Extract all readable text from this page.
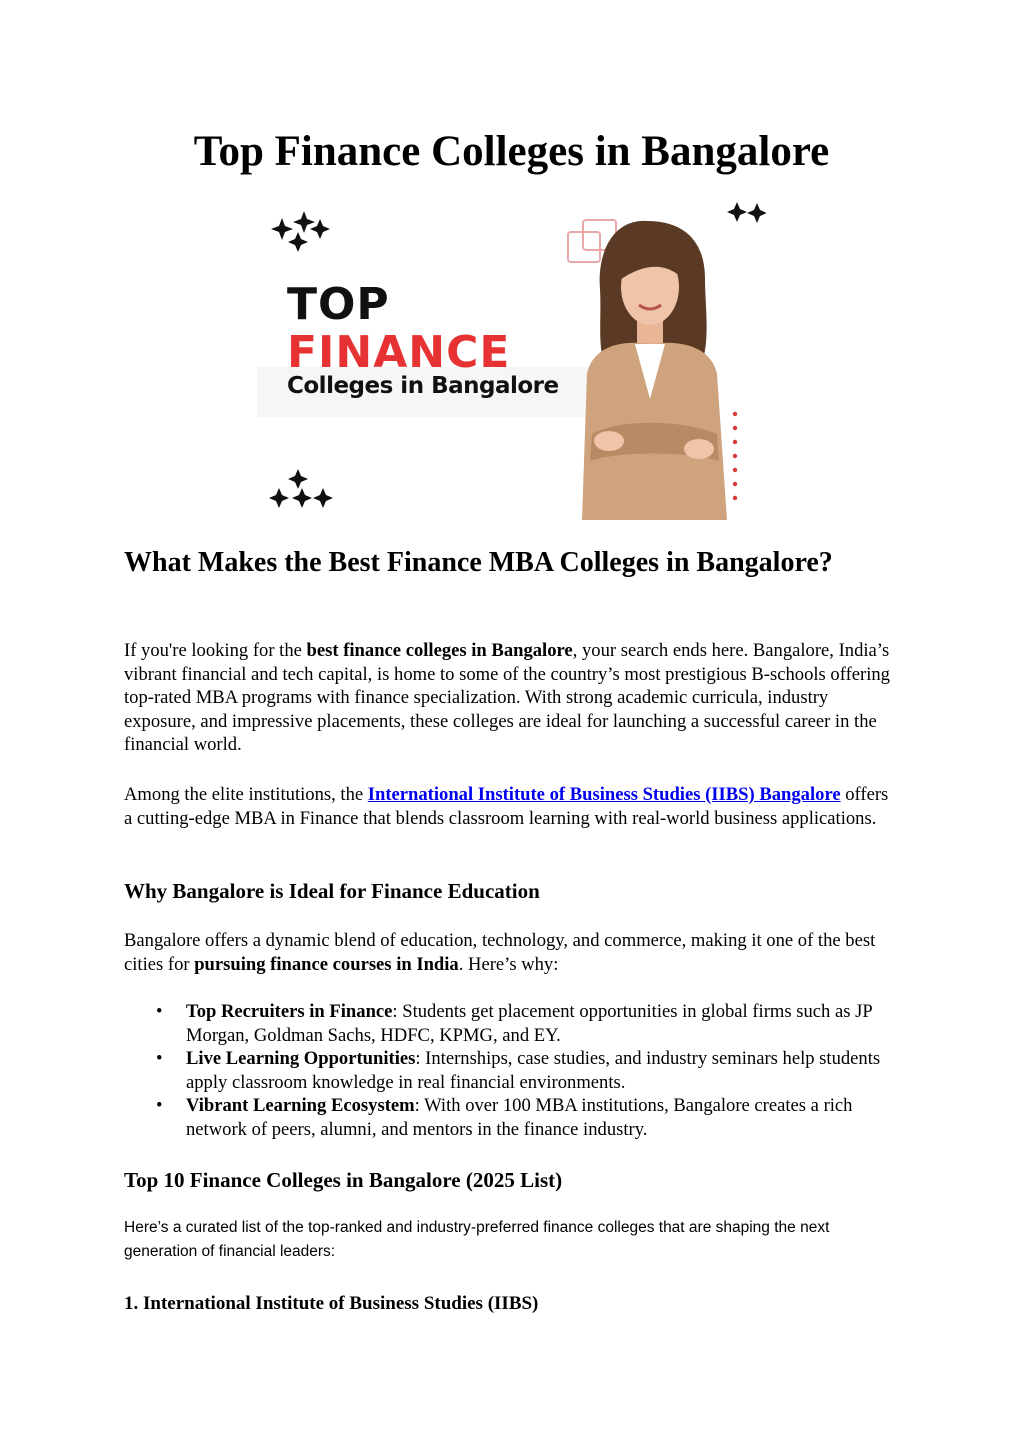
Top Finance Colleges in Bangalore
TOP
FINANCE
Colleges in Bangalore
What Makes the Best Finance MBA Colleges in Bangalore?

If you're looking for the best finance colleges in Bangalore, your search ends here. Bangalore, India’s vibrant financial and tech capital, is home to some of the country’s most prestigious B-schools offering top-rated MBA programs with finance specialization. With strong academic curricula, industry exposure, and impressive placements, these colleges are ideal for launching a successful career in the financial world.

Among the elite institutions, the International Institute of Business Studies (IIBS) Bangalore offers a cutting-edge MBA in Finance that blends classroom learning with real-world business applications.

Why Bangalore is Ideal for Finance Education

Bangalore offers a dynamic blend of education, technology, and commerce, making it one of the best cities for pursuing finance courses in India. Here’s why:

• Top Recruiters in Finance: Students get placement opportunities in global firms such as JP Morgan, Goldman Sachs, HDFC, KPMG, and EY.
• Live Learning Opportunities: Internships, case studies, and industry seminars help students apply classroom knowledge in real financial environments.
• Vibrant Learning Ecosystem: With over 100 MBA institutions, Bangalore creates a rich network of peers, alumni, and mentors in the finance industry.
Top 10 Finance Colleges in Bangalore (2025 List)

Here’s a curated list of the top-ranked and industry-preferred finance colleges that are shaping the next generation of financial leaders:

1. International Institute of Business Studies (IIBS)
